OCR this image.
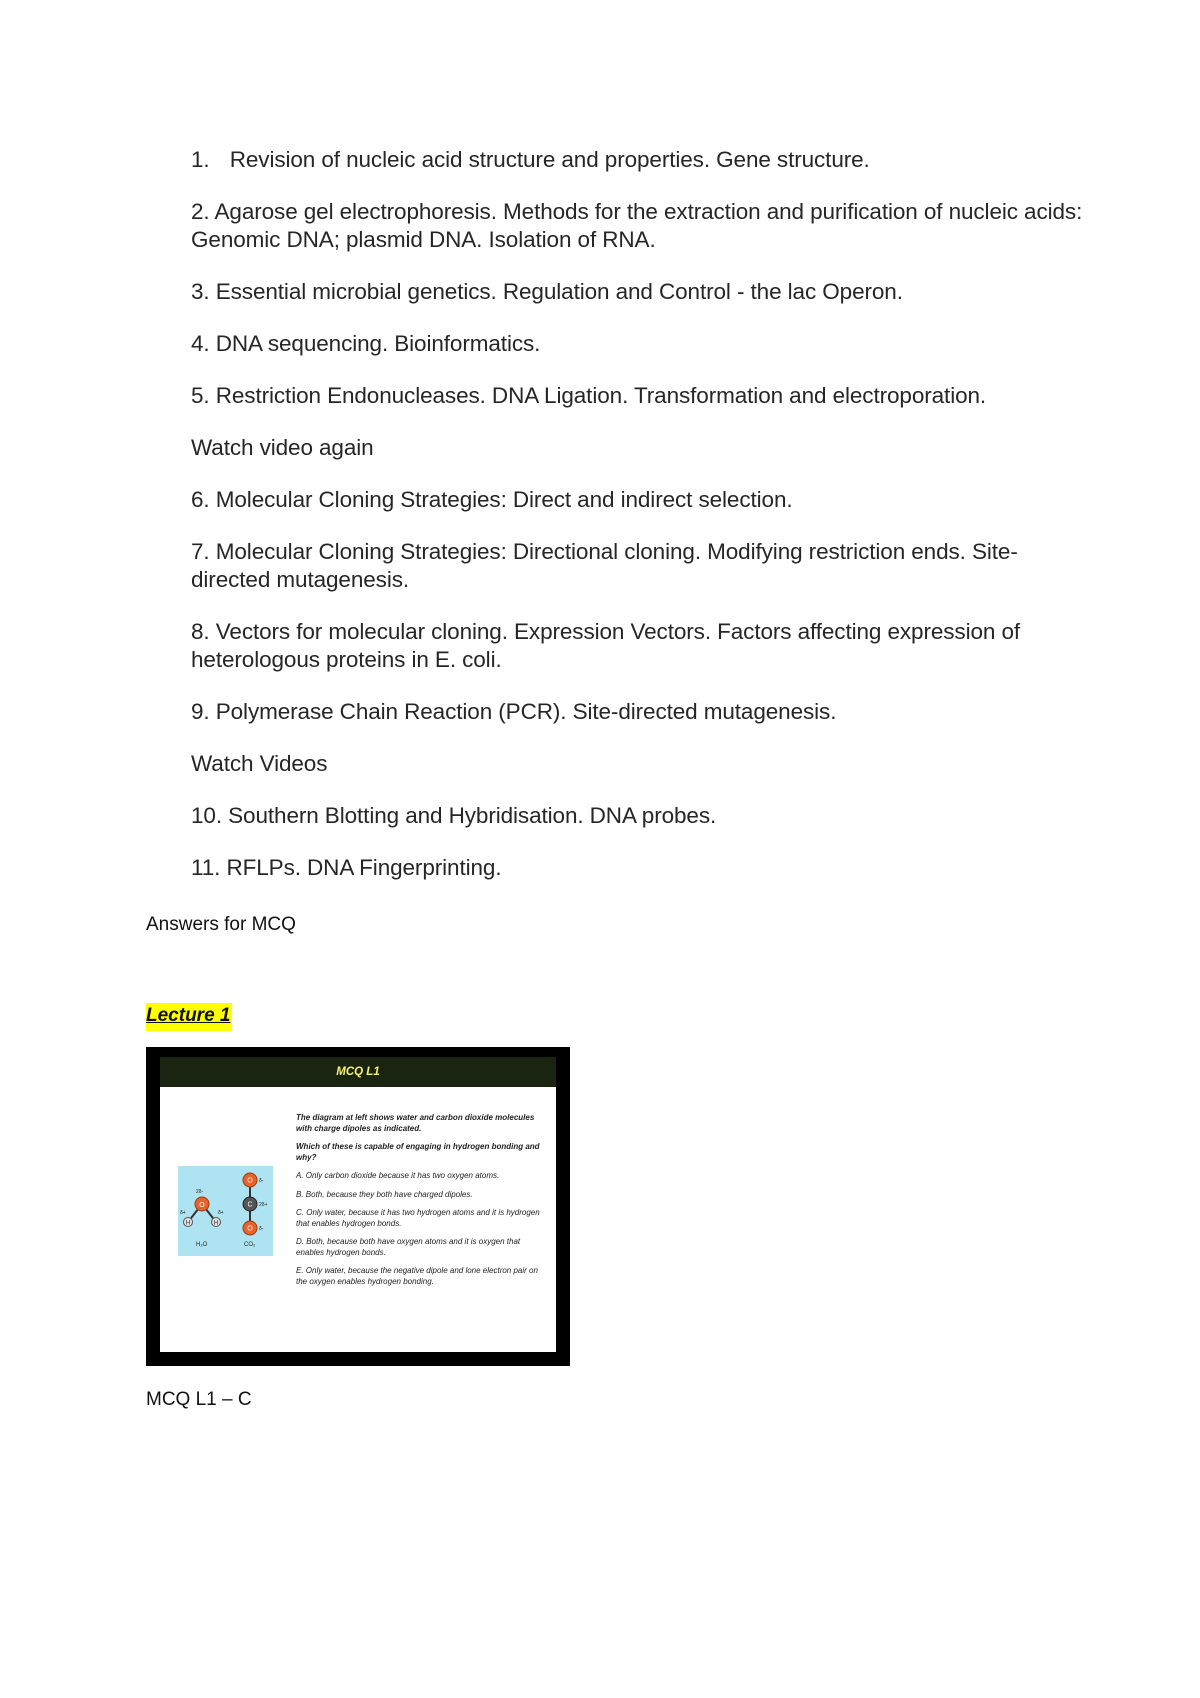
1. Revision of nucleic acid structure and properties. Gene structure.
2. Agarose gel electrophoresis. Methods for the extraction and purification of nucleic acids: Genomic DNA; plasmid DNA. Isolation of RNA.
3. Essential microbial genetics. Regulation and Control - the lac Operon.
4. DNA sequencing. Bioinformatics.
5. Restriction Endonucleases. DNA Ligation. Transformation and electroporation.
Watch video again
6. Molecular Cloning Strategies: Direct and indirect selection.
7. Molecular Cloning Strategies: Directional cloning. Modifying restriction ends. Site-directed mutagenesis.
8. Vectors for molecular cloning. Expression Vectors. Factors affecting expression of heterologous proteins in E. coli.
9. Polymerase Chain Reaction (PCR). Site-directed mutagenesis.
Watch Videos
10. Southern Blotting and Hybridisation. DNA probes.
11. RFLPs. DNA Fingerprinting.
Answers for MCQ
Lecture 1
MCQ L1
O
H	H
2δ-
δ+	δ+
H₂O
O
C
O
δ-
2δ+
δ-
CO₂

The diagram at left shows water and carbon dioxide molecules with charge dipoles as indicated.

Which of these is capable of engaging in hydrogen bonding and why?

A. Only carbon dioxide because it has two oxygen atoms.

B. Both, because they both have charged dipoles.

C. Only water, because it has two hydrogen atoms and it is hydrogen that enables hydrogen bonds.

D. Both, because both have oxygen atoms and it is oxygen that enables hydrogen bonds.

E. Only water, because the negative dipole and lone electron pair on the oxygen enables hydrogen bonding.

MCQ L1 – C
